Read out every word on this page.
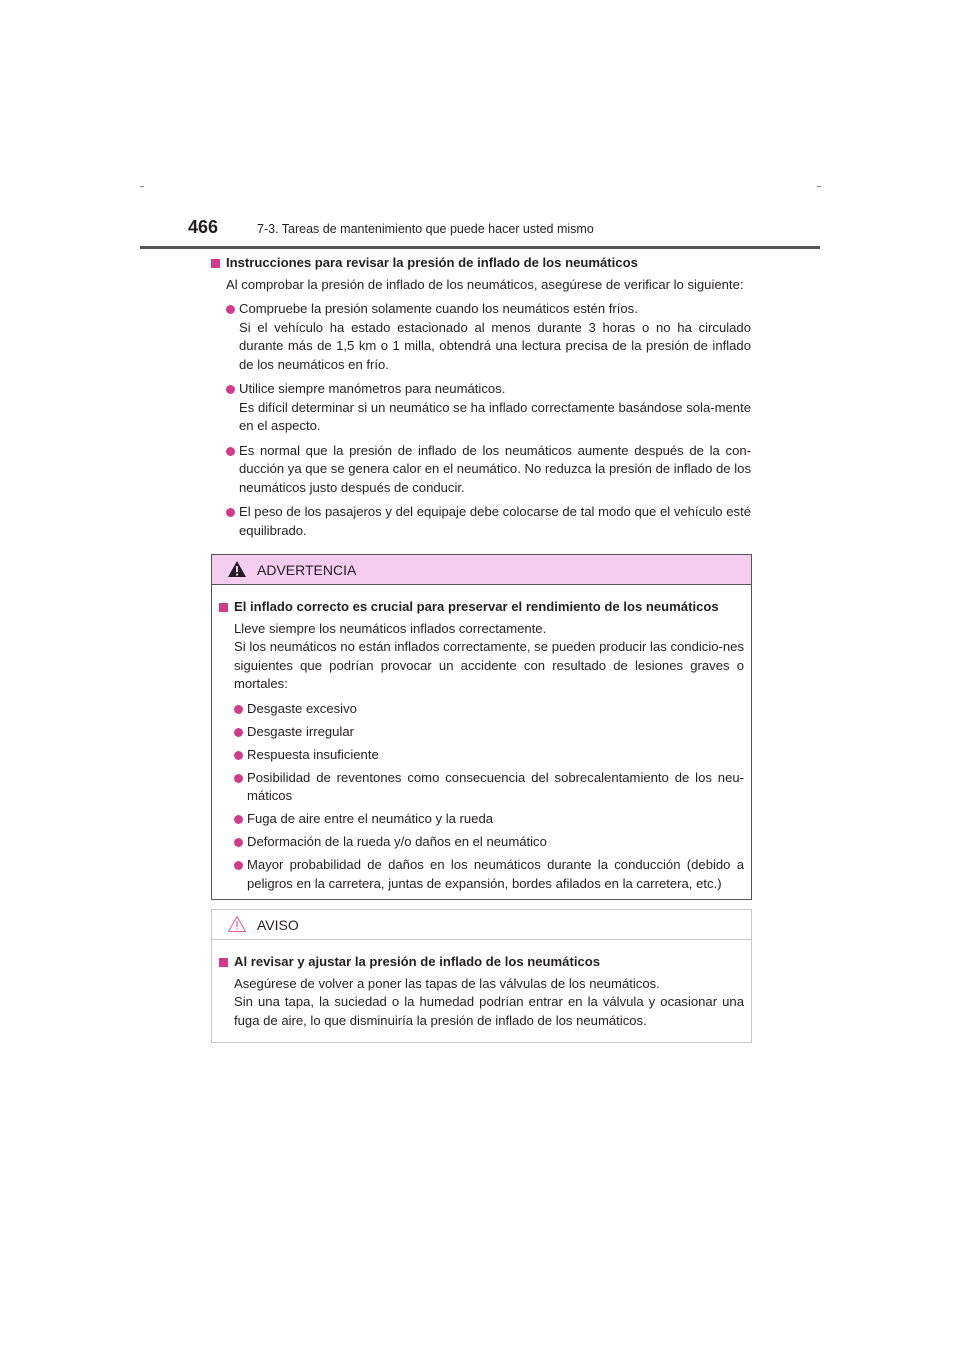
466	7-3. Tareas de mantenimiento que puede hacer usted mismo
Instrucciones para revisar la presión de inflado de los neumáticos
Al comprobar la presión de inflado de los neumáticos, asegúrese de verificar lo siguiente:
Compruebe la presión solamente cuando los neumáticos estén fríos.
Si el vehículo ha estado estacionado al menos durante 3 horas o no ha circulado durante más de 1,5 km o 1 milla, obtendrá una lectura precisa de la presión de inflado de los neumáticos en frío.
Utilice siempre manómetros para neumáticos.
Es difícil determinar si un neumático se ha inflado correctamente basándose sola-mente en el aspecto.
Es normal que la presión de inflado de los neumáticos aumente después de la con-ducción ya que se genera calor en el neumático. No reduzca la presión de inflado de los neumáticos justo después de conducir.
El peso de los pasajeros y del equipaje debe colocarse de tal modo que el vehículo esté equilibrado.
ADVERTENCIA
El inflado correcto es crucial para preservar el rendimiento de los neumáticos
Lleve siempre los neumáticos inflados correctamente.
Si los neumáticos no están inflados correctamente, se pueden producir las condicio-nes siguientes que podrían provocar un accidente con resultado de lesiones graves o mortales:
Desgaste excesivo
Desgaste irregular
Respuesta insuficiente
Posibilidad de reventones como consecuencia del sobrecalentamiento de los neu-máticos
Fuga de aire entre el neumático y la rueda
Deformación de la rueda y/o daños en el neumático
Mayor probabilidad de daños en los neumáticos durante la conducción (debido a peligros en la carretera, juntas de expansión, bordes afilados en la carretera, etc.)
AVISO
Al revisar y ajustar la presión de inflado de los neumáticos
Asegúrese de volver a poner las tapas de las válvulas de los neumáticos.
Sin una tapa, la suciedad o la humedad podrían entrar en la válvula y ocasionar una fuga de aire, lo que disminuiría la presión de inflado de los neumáticos.
